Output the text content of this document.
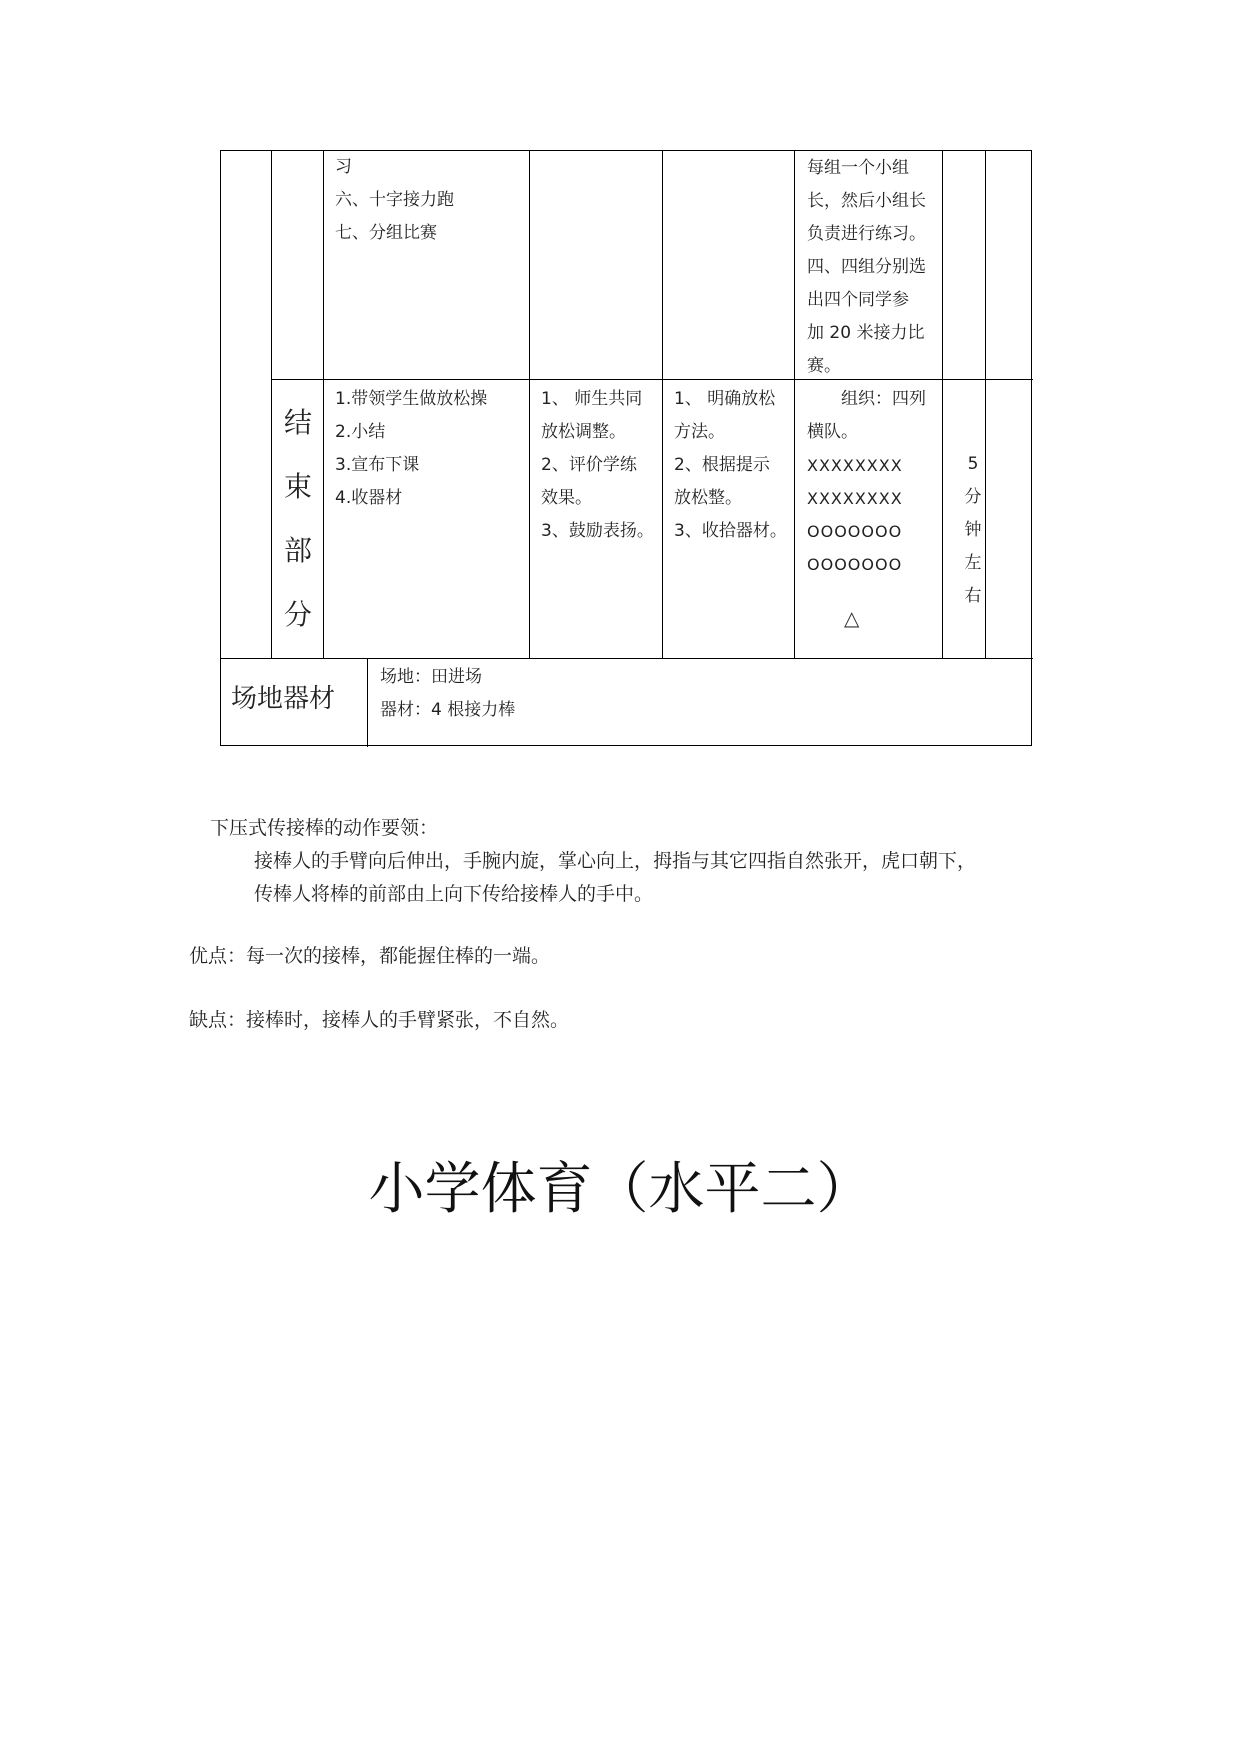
习
六、十字接力跑
七、分组比赛
每组一个小组
长，然后小组长
负责进行练习。
四、四组分别选
出四个同学参
加 20 米接力比
赛。
结
束
部
分
1.带领学生做放松操
2.小结
3.宣布下课
4.收器材
1、 师生共同
放松调整。
2、评价学练
效果。
3、鼓励表扬。
1、 明确放松
方法。
2、根据提示
放松整。
3、收拾器材。
组织：四列
横队。
XXXXXXXX
XXXXXXXX
OOOOOOO
OOOOOOO
△
5
分
钟
左
右
场地器材
场地：田进场
器材：4 根接力棒
下压式传接棒的动作要领：
接棒人的手臂向后伸出，手腕内旋，掌心向上，拇指与其它四指自然张开，虎口朝下，
传棒人将棒的前部由上向下传给接棒人的手中。
优点：每一次的接棒，都能握住棒的一端。
缺点：接棒时，接棒人的手臂紧张，不自然。
小学体育（水平二）
